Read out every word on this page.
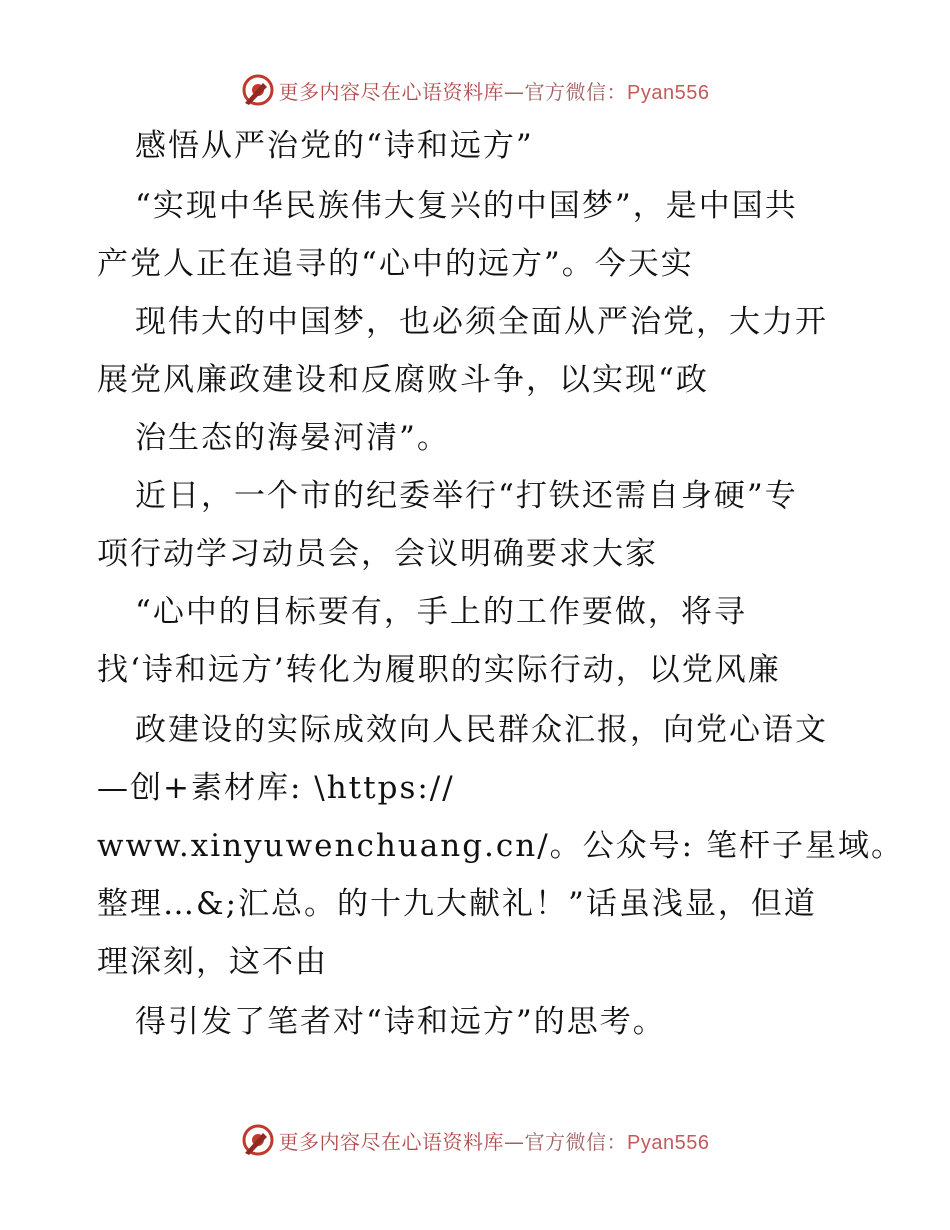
更多内容尽在心语资料库—官方微信：Pyan556
感悟从严治党的“诗和远方”
“实现中华民族伟大复兴的中国梦”，是中国共
产党人正在追寻的“心中的远方”。今天实
现伟大的中国梦，也必须全面从严治党，大力开
展党风廉政建设和反腐败斗争，以实现“政
治生态的海晏河清”。
近日，一个市的纪委举行“打铁还需自身硬”专
项行动学习动员会，会议明确要求大家
“心中的目标要有，手上的工作要做，将寻
找‘诗和远方’转化为履职的实际行动，以党风廉
政建设的实际成效向人民群众汇报，向党心语文
—创+素材库: \https://
www.xinyuwenchuang.cn/。公众号: 笔杆子星域。
整理…&;汇总。的十九大献礼！”话虽浅显，但道
理深刻，这不由
得引发了笔者对“诗和远方”的思考。
更多内容尽在心语资料库—官方微信：Pyan556
